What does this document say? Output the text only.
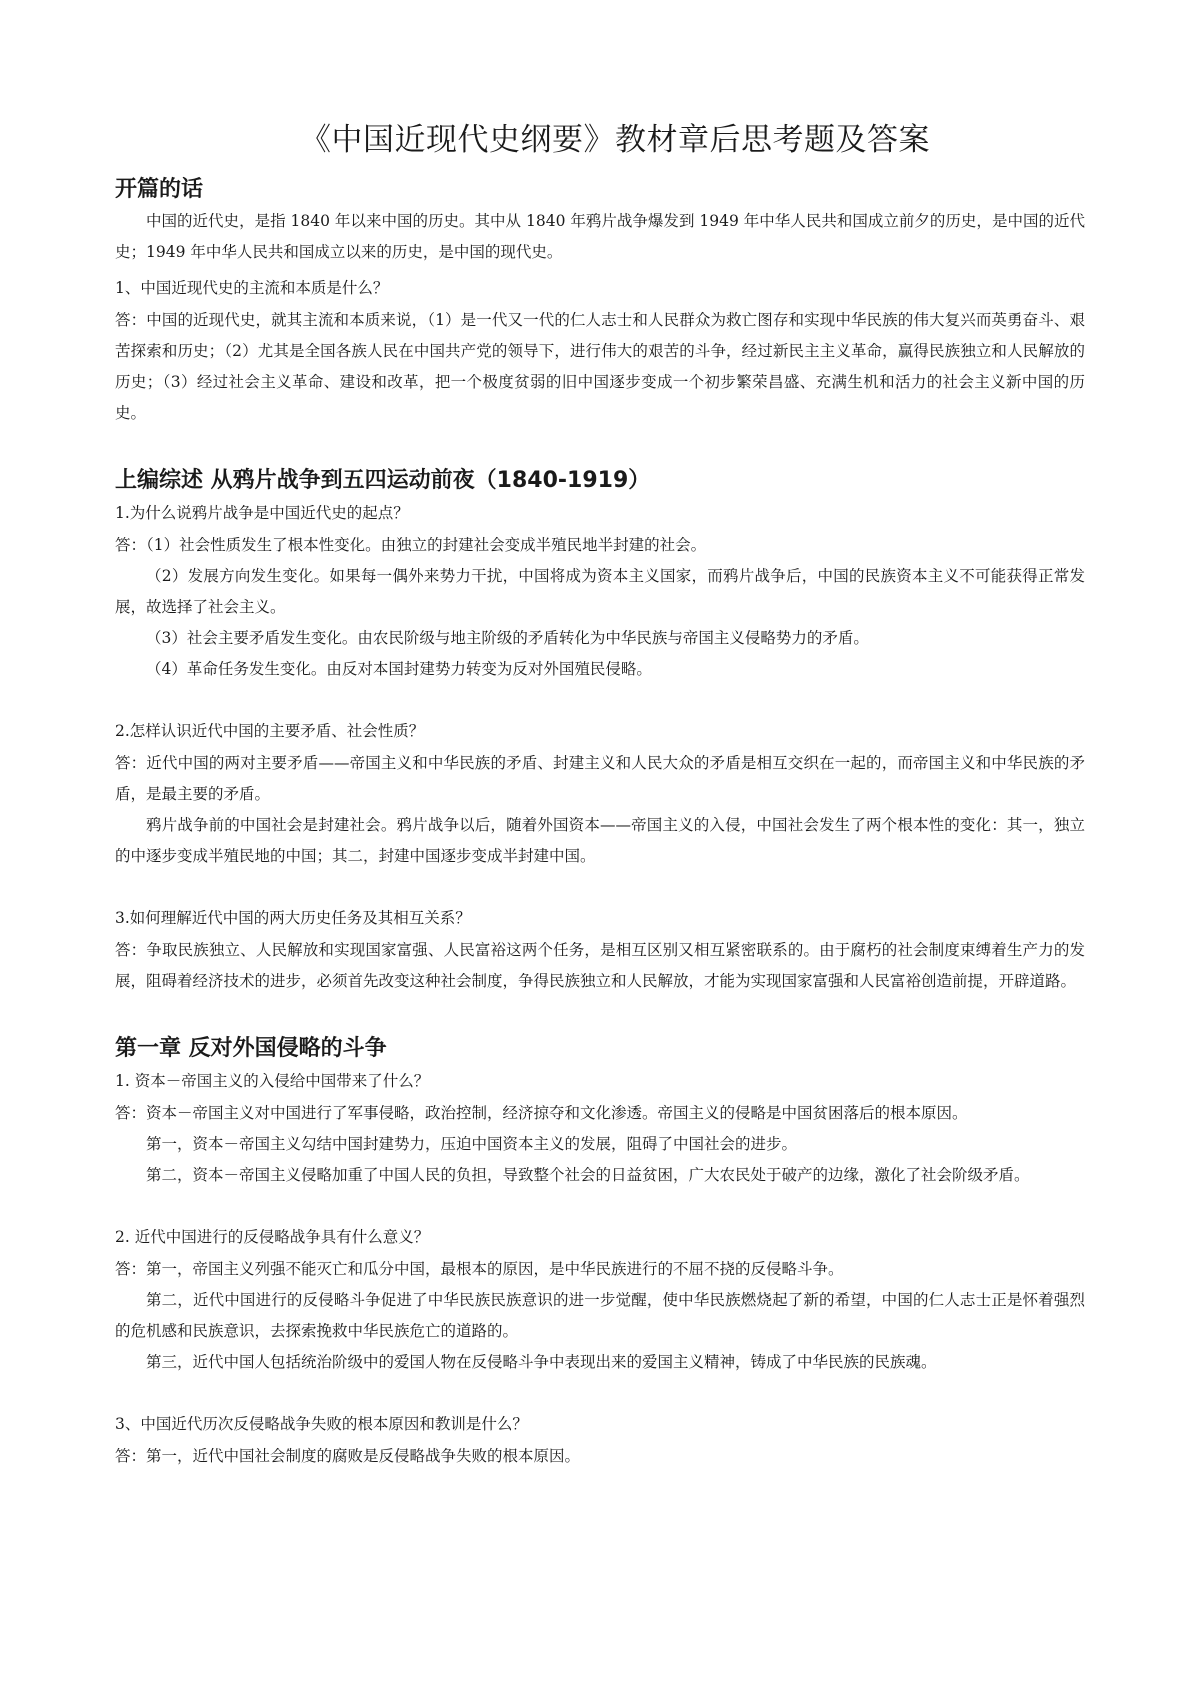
《中国近现代史纲要》教材章后思考题及答案
开篇的话

中国的近代史，是指 1840 年以来中国的历史。其中从 1840 年鸦片战争爆发到 1949 年中华人民共和国成立前夕的历史，是中国的近代史；1949 年中华人民共和国成立以来的历史，是中国的现代史。

1、中国近现代史的主流和本质是什么？

答：中国的近现代史，就其主流和本质来说，（1）是一代又一代的仁人志士和人民群众为救亡图存和实现中华民族的伟大复兴而英勇奋斗、艰苦探索和历史；（2）尤其是全国各族人民在中国共产党的领导下，进行伟大的艰苦的斗争，经过新民主主义革命，赢得民族独立和人民解放的历史；（3）经过社会主义革命、建设和改革，把一个极度贫弱的旧中国逐步变成一个初步繁荣昌盛、充满生机和活力的社会主义新中国的历史。

上编综述 从鸦片战争到五四运动前夜（1840-1919）

1.为什么说鸦片战争是中国近代史的起点？

答：（1）社会性质发生了根本性变化。由独立的封建社会变成半殖民地半封建的社会。

（2）发展方向发生变化。如果每一偶外来势力干扰，中国将成为资本主义国家，而鸦片战争后，中国的民族资本主义不可能获得正常发展，故选择了社会主义。

（3）社会主要矛盾发生变化。由农民阶级与地主阶级的矛盾转化为中华民族与帝国主义侵略势力的矛盾。

（4）革命任务发生变化。由反对本国封建势力转变为反对外国殖民侵略。

2.怎样认识近代中国的主要矛盾、社会性质？

答：近代中国的两对主要矛盾——帝国主义和中华民族的矛盾、封建主义和人民大众的矛盾是相互交织在一起的，而帝国主义和中华民族的矛盾，是最主要的矛盾。

鸦片战争前的中国社会是封建社会。鸦片战争以后，随着外国资本——帝国主义的入侵，中国社会发生了两个根本性的变化：其一，独立的中逐步变成半殖民地的中国；其二，封建中国逐步变成半封建中国。

3.如何理解近代中国的两大历史任务及其相互关系？

答：争取民族独立、人民解放和实现国家富强、人民富裕这两个任务，是相互区别又相互紧密联系的。由于腐朽的社会制度束缚着生产力的发展，阻碍着经济技术的进步，必须首先改变这种社会制度，争得民族独立和人民解放，才能为实现国家富强和人民富裕创造前提，开辟道路。

第一章 反对外国侵略的斗争

1. 资本－帝国主义的入侵给中国带来了什么？

答：资本－帝国主义对中国进行了军事侵略，政治控制，经济掠夺和文化渗透。帝国主义的侵略是中国贫困落后的根本原因。

第一，资本－帝国主义勾结中国封建势力，压迫中国资本主义的发展，阻碍了中国社会的进步。

第二，资本－帝国主义侵略加重了中国人民的负担，导致整个社会的日益贫困，广大农民处于破产的边缘，激化了社会阶级矛盾。

2. 近代中国进行的反侵略战争具有什么意义？

答：第一，帝国主义列强不能灭亡和瓜分中国，最根本的原因，是中华民族进行的不屈不挠的反侵略斗争。

第二，近代中国进行的反侵略斗争促进了中华民族民族意识的进一步觉醒，使中华民族燃烧起了新的希望，中国的仁人志士正是怀着强烈的危机感和民族意识，去探索挽救中华民族危亡的道路的。

第三，近代中国人包括统治阶级中的爱国人物在反侵略斗争中表现出来的爱国主义精神，铸成了中华民族的民族魂。

3、中国近代历次反侵略战争失败的根本原因和教训是什么？

答：第一，近代中国社会制度的腐败是反侵略战争失败的根本原因。
